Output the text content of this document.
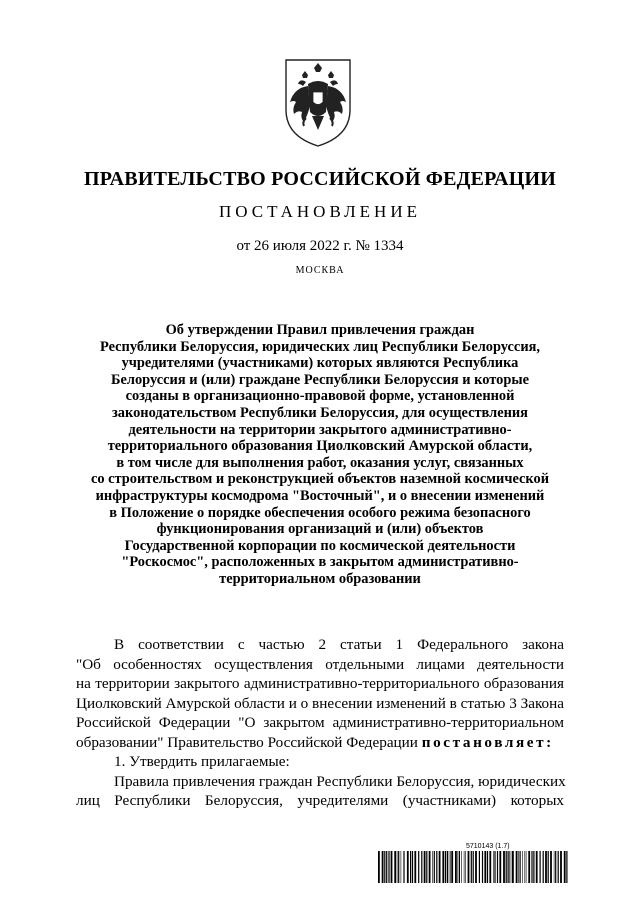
ПРАВИТЕЛЬСТВО РОССИЙСКОЙ ФЕДЕРАЦИИ
ПОСТАНОВЛЕНИЕ
от 26 июля 2022 г. № 1334
МОСКВА
Об утверждении Правил привлечения граждан
Республики Белоруссия, юридических лиц Республики Белоруссия,
учредителями (участниками) которых являются Республика
Белоруссия и (или) граждане Республики Белоруссия и которые
созданы в организационно-правовой форме, установленной
законодательством Республики Белоруссия, для осуществления
деятельности на территории закрытого административно-
территориального образования Циолковский Амурской области,
в том числе для выполнения работ, оказания услуг, связанных
со строительством и реконструкцией объектов наземной космической
инфраструктуры космодрома "Восточный", и о внесении изменений
в Положение о порядке обеспечения особого режима безопасного
функционирования организаций и (или) объектов
Государственной корпорации по космической деятельности
"Роскосмос", расположенных в закрытом административно-
территориальном образовании
В соответствии с частью 2 статьи 1 Федерального закона
"Об особенностях осуществления отдельными лицами деятельности
на территории закрытого административно-территориального образования
Циолковский Амурской области и о внесении изменений в статью 3 Закона
Российской Федерации "О закрытом административно-территориальном
образовании" Правительство Российской Федерации постановляет:
1. Утвердить прилагаемые:
Правила привлечения граждан Республики Белоруссия, юридических
лиц Республики Белоруссия, учредителями (участниками) которых
5710143 (1.7)
